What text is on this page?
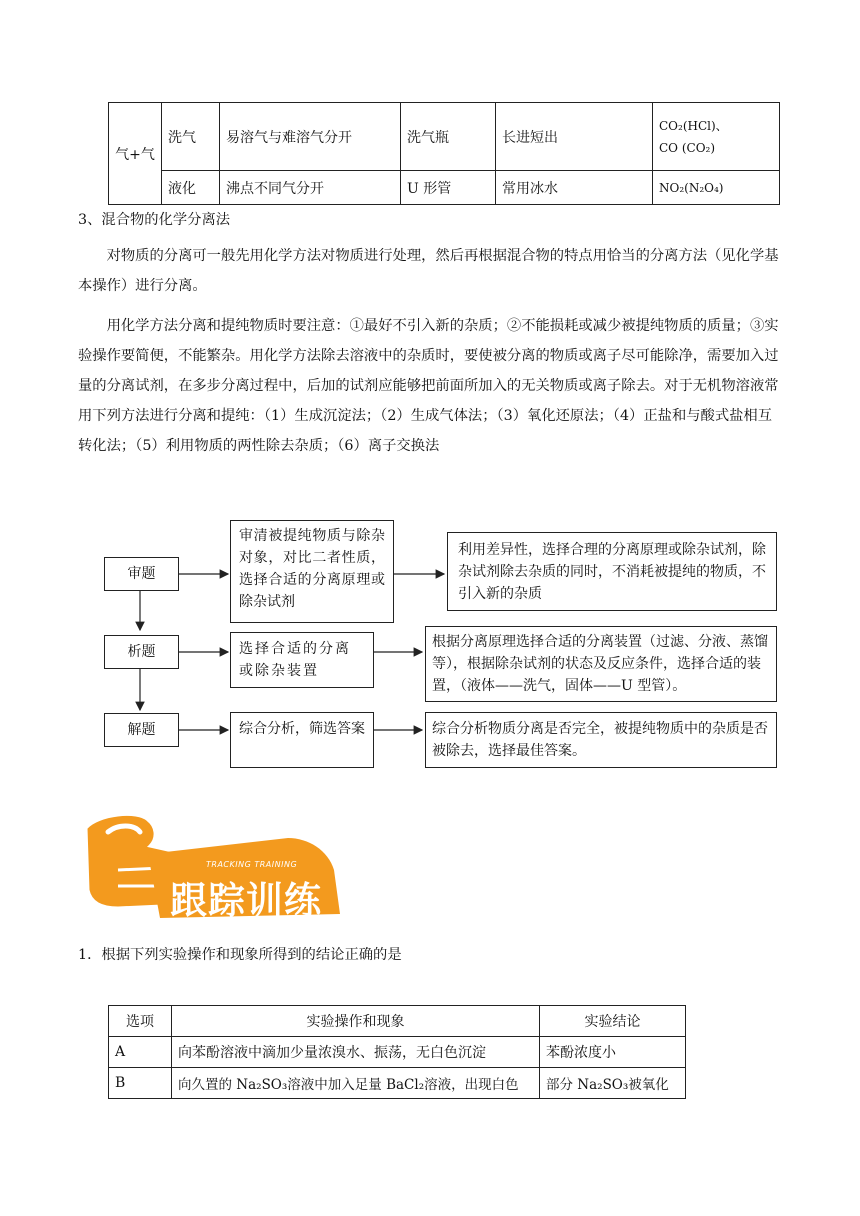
气+气	洗气	易溶气与难溶气分开	洗气瓶	长进短出	CO₂(HCl)、
CO (CO₂)

	液化	沸点不同气分开	U 形管	常用冰水	NO₂(N₂O₄)
3、混合物的化学分离法
对物质的分离可一般先用化学方法对物质进行处理，然后再根据混合物的特点用恰当的分离方法（见化学基本操作）进行分离。
用化学方法分离和提纯物质时要注意：①最好不引入新的杂质；②不能损耗或减少被提纯物质的质量；③实验操作要简便，不能繁杂。用化学方法除去溶液中的杂质时，要使被分离的物质或离子尽可能除净，需要加入过量的分离试剂，在多步分离过程中，后加的试剂应能够把前面所加入的无关物质或离子除去。对于无机物溶液常用下列方法进行分离和提纯：（1）生成沉淀法；（2）生成气体法；（3）氧化还原法；（4）正盐和与酸式盐相互转化法；（5）利用物质的两性除去杂质；（6）离子交换法
审题
析题
解题
审清被提纯物质与除杂对象，对比二者性质，选择合适的分离原理或除杂试剂
选择合适的分离或除杂装置
综合分析，筛选答案
利用差异性，选择合理的分离原理或除杂试剂，除杂试剂除去杂质的同时，不消耗被提纯的物质，不引入新的杂质
根据分离原理选择合适的分离装置（过滤、分液、蒸馏等），根据除杂试剂的状态及反应条件，选择合适的装置，（液体——洗气，固体——U 型管）。
综合分析物质分离是否完全，被提纯物质中的杂质是否被除去，选择最佳答案。
TRACKING TRAINING
跟踪训练
1．根据下列实验操作和现象所得到的结论正确的是
选项	实验操作和现象	实验结论
A	向苯酚溶液中滴加少量浓溴水、振荡，无白色沉淀	苯酚浓度小
B	向久置的 Na₂SO₃溶液中加入足量 BaCl₂溶液，出现白色	部分 Na₂SO₃被氧化
